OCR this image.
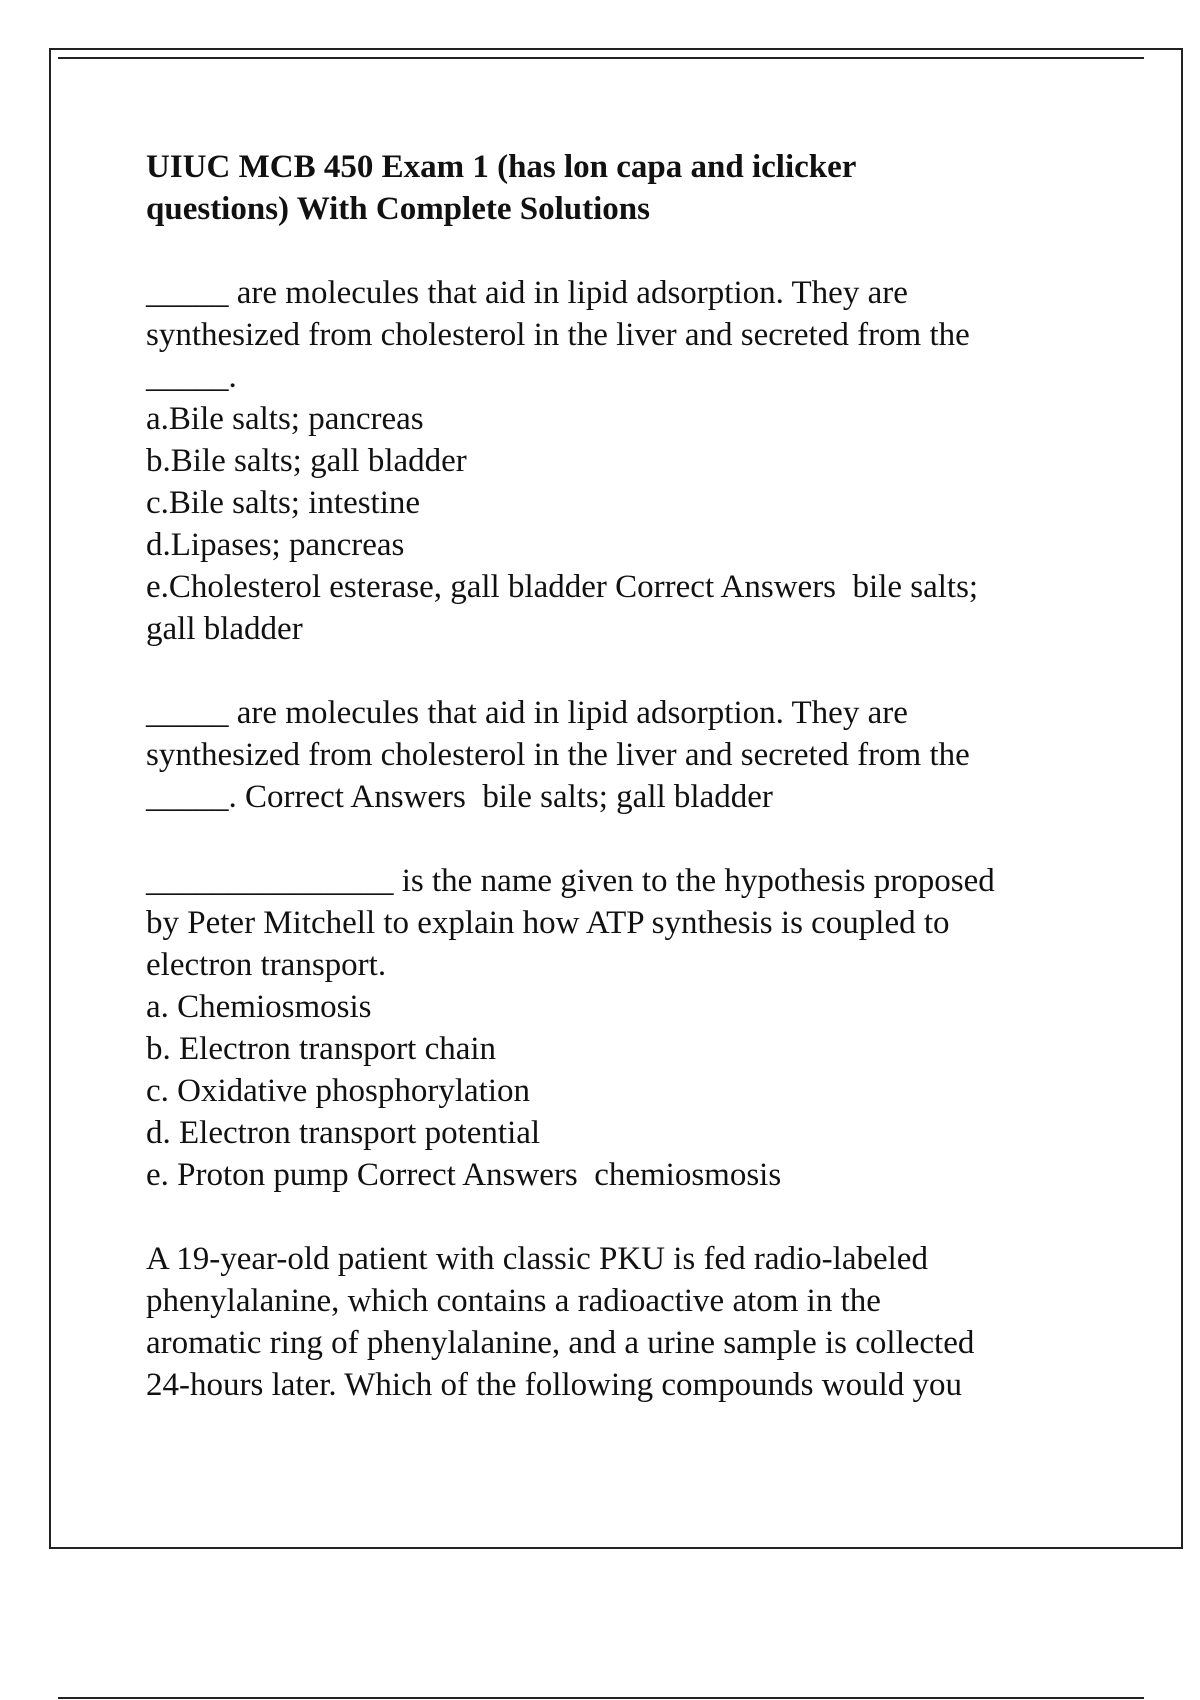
UIUC MCB 450 Exam 1 (has lon capa and iclicker
questions) With Complete Solutions
_____ are molecules that aid in lipid adsorption. They are
synthesized from cholesterol in the liver and secreted from the
_____.
a.Bile salts; pancreas
b.Bile salts; gall bladder
c.Bile salts; intestine
d.Lipases; pancreas
e.Cholesterol esterase, gall bladder Correct Answers  bile salts;
gall bladder
_____ are molecules that aid in lipid adsorption. They are
synthesized from cholesterol in the liver and secreted from the
_____. Correct Answers  bile salts; gall bladder
_______________ is the name given to the hypothesis proposed
by Peter Mitchell to explain how ATP synthesis is coupled to
electron transport.
a. Chemiosmosis
b. Electron transport chain
c. Oxidative phosphorylation
d. Electron transport potential
e. Proton pump Correct Answers  chemiosmosis
A 19-year-old patient with classic PKU is fed radio-labeled
phenylalanine, which contains a radioactive atom in the
aromatic ring of phenylalanine, and a urine sample is collected
24-hours later. Which of the following compounds would you
